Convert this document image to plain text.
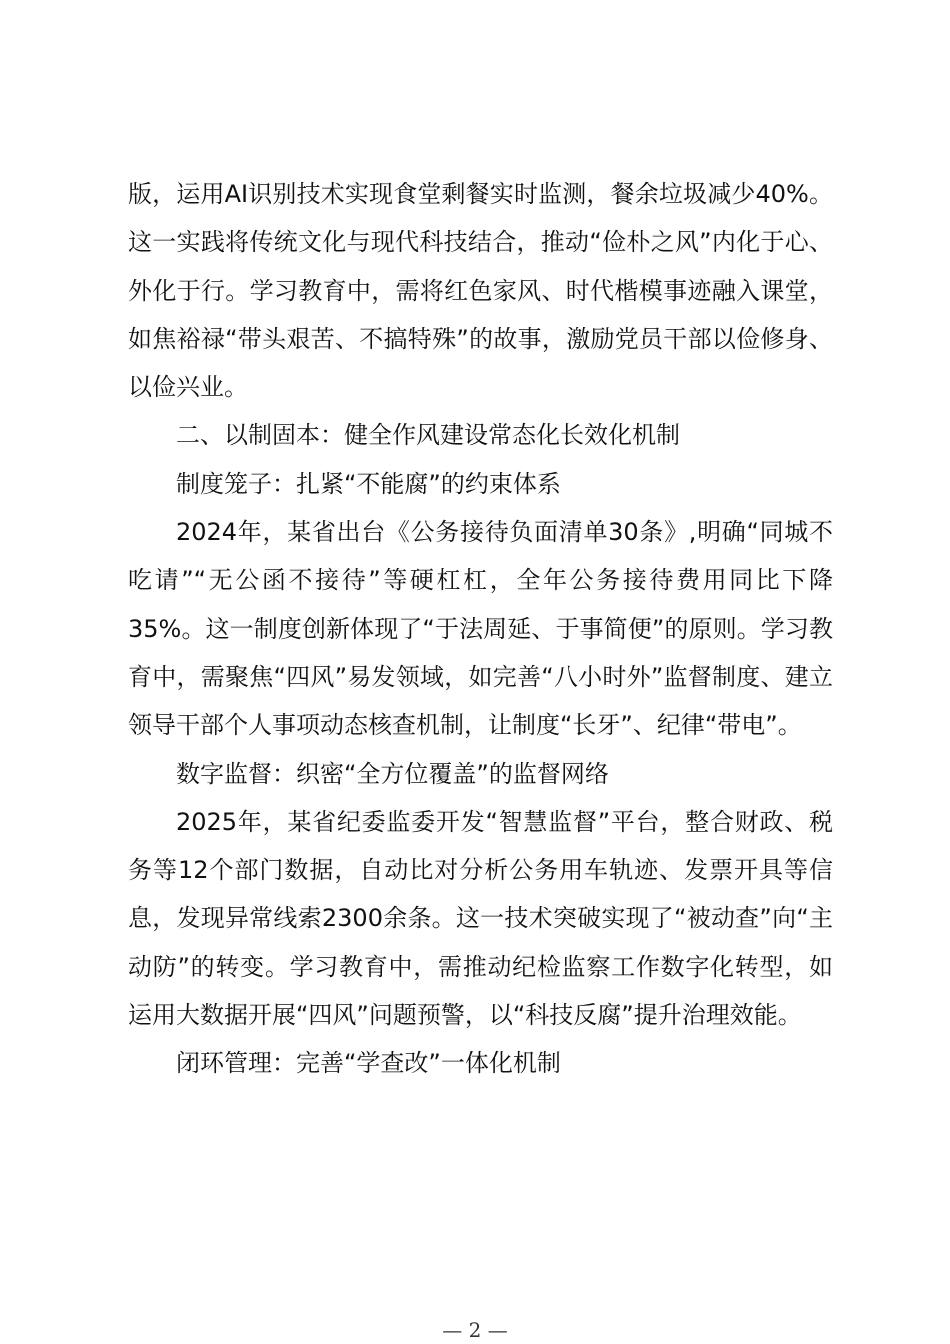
版，运用AI识别技术实现食堂剩餐实时监测，餐余垃圾减少40%。这一实践将传统文化与现代科技结合，推动“俭朴之风”内化于心、外化于行。学习教育中，需将红色家风、时代楷模事迹融入课堂，如焦裕禄“带头艰苦、不搞特殊”的故事，激励党员干部以俭修身、以俭兴业。

二、以制固本：健全作风建设常态化长效化机制

制度笼子：扎紧“不能腐”的约束体系

2024年，某省出台《公务接待负面清单30条》,明确“同城不吃请”“无公函不接待”等硬杠杠，全年公务接待费用同比下降35%。这一制度创新体现了“于法周延、于事简便”的原则。学习教育中，需聚焦“四风”易发领域，如完善“八小时外”监督制度、建立领导干部个人事项动态核查机制，让制度“长牙”、纪律“带电”。

数字监督：织密“全方位覆盖”的监督网络

2025年，某省纪委监委开发“智慧监督”平台，整合财政、税务等12个部门数据，自动比对分析公务用车轨迹、发票开具等信息，发现异常线索2300余条。这一技术突破实现了“被动查”向“主动防”的转变。学习教育中，需推动纪检监察工作数字化转型，如运用大数据开展“四风”问题预警，以“科技反腐”提升治理效能。

闭环管理：完善“学查改”一体化机制

— 2 —
